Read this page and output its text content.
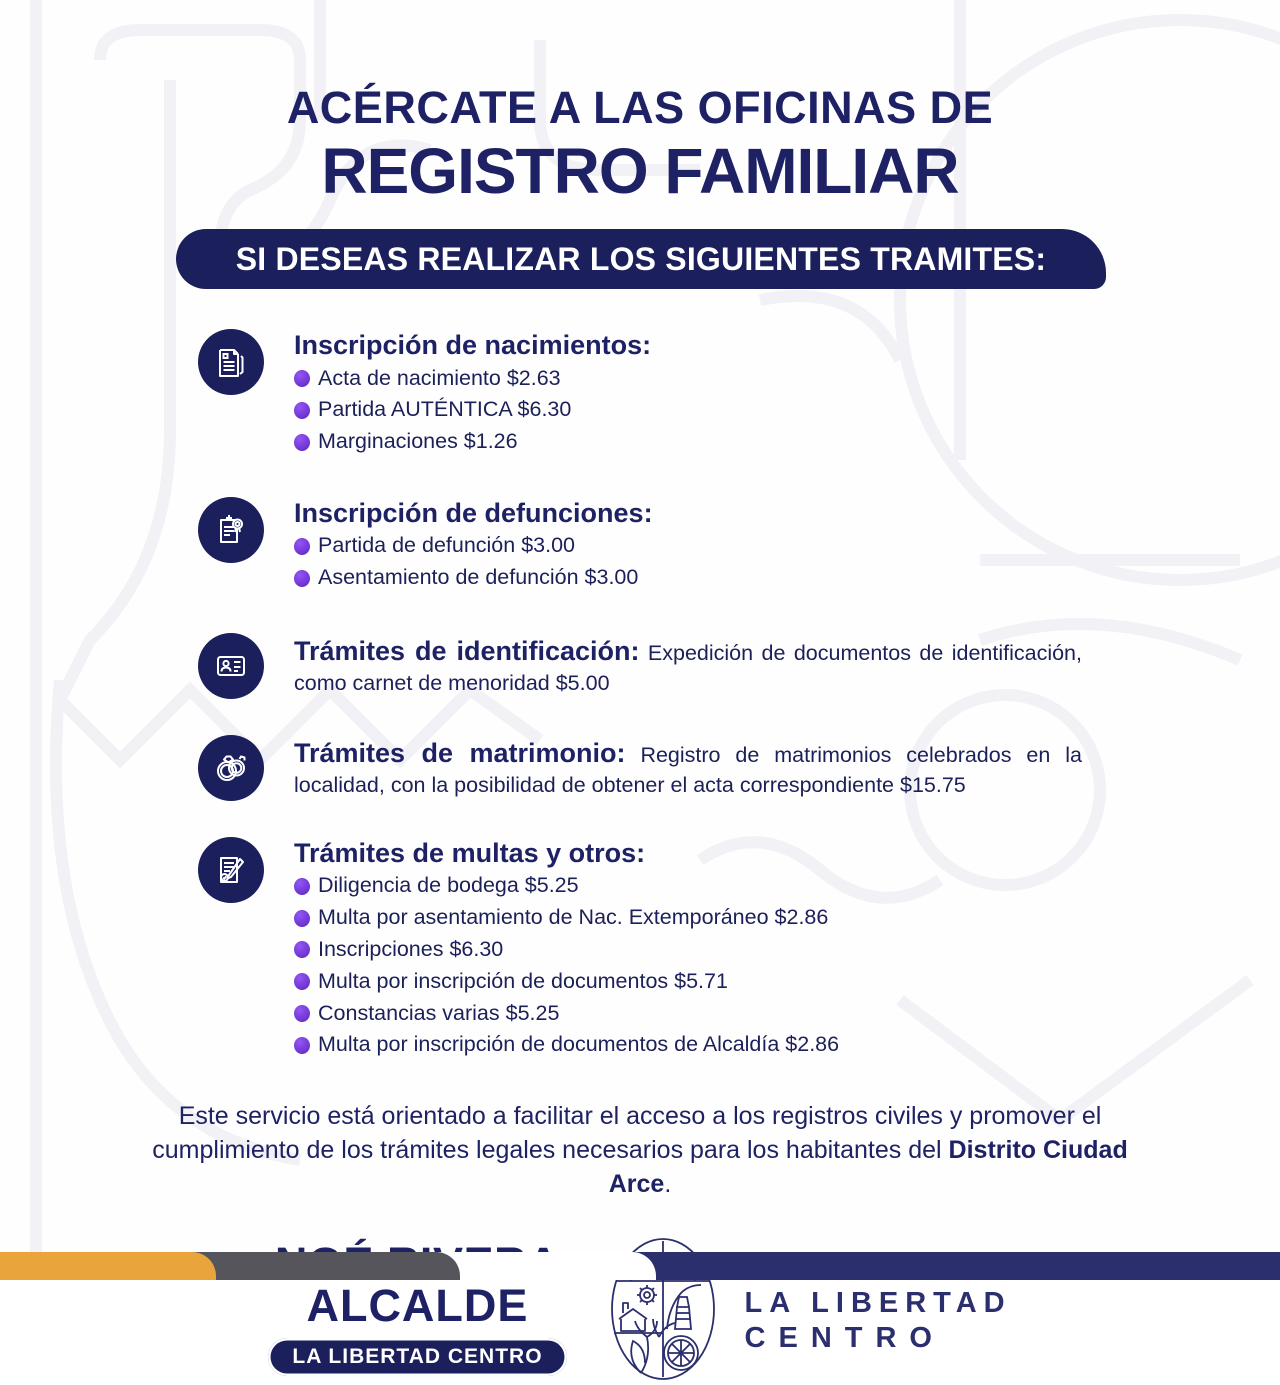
ACÉRCATE A LAS OFICINAS DE
REGISTRO FAMILIAR
SI DESEAS REALIZAR LOS SIGUIENTES TRAMITES:

Inscripción de nacimientos:

Acta de nacimiento $2.63
Partida AUTÉNTICA $6.30
Marginaciones $1.26

Inscripción de defunciones:

Partida de defunción $3.00
Asentamiento de defunción $3.00

Trámites de identificación: Expedición de documentos de identificación, como carnet de menoridad $5.00

Trámites de matrimonio: Registro de matrimonios celebrados en la localidad, con la posibilidad de obtener el acta correspondiente $15.75

Trámites de multas y otros:

Diligencia de bodega $5.25
Multa por asentamiento de Nac. Extemporáneo $2.86
Inscripciones $6.30
Multa por inscripción de documentos $5.71
Constancias varias $5.25
Multa por inscripción de documentos de Alcaldía $2.86

Este servicio está orientado a facilitar el acceso a los registros civiles y promover el cumplimiento de los trámites legales necesarios para los habitantes del Distrito Ciudad Arce.

ALCALDE
LA LIBERTAD CENTRO
LA LIBERTAD
CENTRO
